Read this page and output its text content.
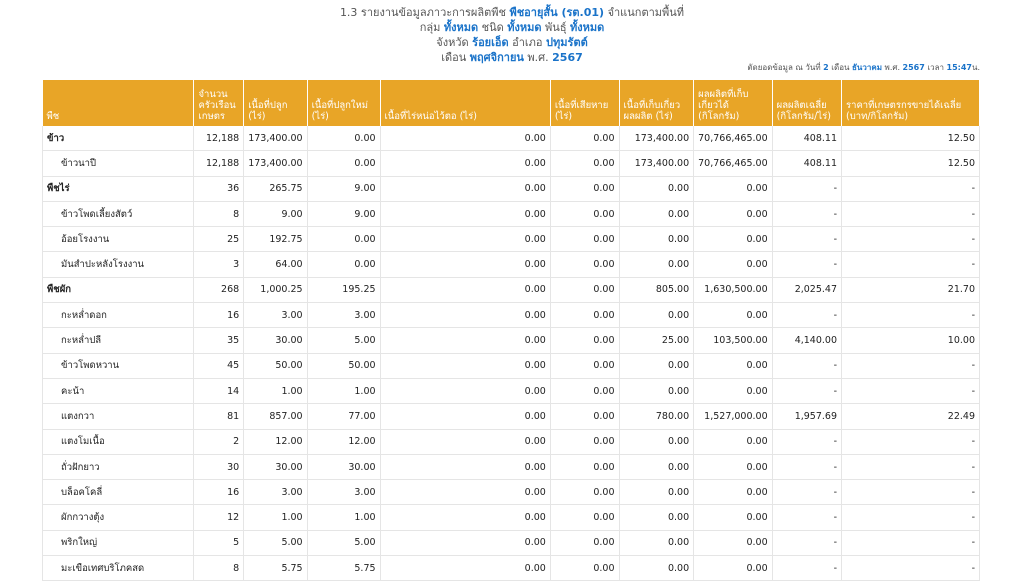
1.3 รายงานข้อมูลภาวะการผลิตพืช พืชอายุสั้น (รต.01) จำแนกตามพื้นที่
กลุ่ม ทั้งหมด ชนิด ทั้งหมด พันธุ์ ทั้งหมด
จังหวัด ร้อยเอ็ด อำเภอ ปทุมรัตต์
เดือน พฤศจิกายน พ.ศ. 2567
ตัดยอดข้อมูล ณ วันที่ 2 เดือน ธันวาคม พ.ศ. 2567 เวลา 15:47น.
พืช	จำนวนครัวเรือนเกษตร	เนื้อที่ปลูก (ไร่)	เนื้อที่ปลูกใหม่ (ไร่)	เนื้อที่ไร่หน่อไว้ตอ (ไร่)	เนื้อที่เสียหาย (ไร่)	เนื้อที่เก็บเกี่ยวผลผลิต (ไร่)	ผลผลิตที่เก็บเกี่ยวได้ (กิโลกรัม)	ผลผลิตเฉลี่ย (กิโลกรัม/ไร่)	ราคาที่เกษตรกรขายได้เฉลี่ย (บาท/กิโลกรัม)
ข้าว	12,188	173,400.00	0.00	0.00	0.00	173,400.00	70,766,465.00	408.11	12.50
ข้าวนาปี	12,188	173,400.00	0.00	0.00	0.00	173,400.00	70,766,465.00	408.11	12.50
พืชไร่	36	265.75	9.00	0.00	0.00	0.00	0.00	-	-
ข้าวโพดเลี้ยงสัตว์	8	9.00	9.00	0.00	0.00	0.00	0.00	-	-
อ้อยโรงงาน	25	192.75	0.00	0.00	0.00	0.00	0.00	-	-
มันสำปะหลังโรงงาน	3	64.00	0.00	0.00	0.00	0.00	0.00	-	-
พืชผัก	268	1,000.25	195.25	0.00	0.00	805.00	1,630,500.00	2,025.47	21.70
กะหล่ำดอก	16	3.00	3.00	0.00	0.00	0.00	0.00	-	-
กะหล่ำปลี	35	30.00	5.00	0.00	0.00	25.00	103,500.00	4,140.00	10.00
ข้าวโพดหวาน	45	50.00	50.00	0.00	0.00	0.00	0.00	-	-
คะน้า	14	1.00	1.00	0.00	0.00	0.00	0.00	-	-
แตงกวา	81	857.00	77.00	0.00	0.00	780.00	1,527,000.00	1,957.69	22.49
แตงโมเนื้อ	2	12.00	12.00	0.00	0.00	0.00	0.00	-	-
ถั่วฝักยาว	30	30.00	30.00	0.00	0.00	0.00	0.00	-	-
บล็อคโคลี่	16	3.00	3.00	0.00	0.00	0.00	0.00	-	-
ผักกวางตุ้ง	12	1.00	1.00	0.00	0.00	0.00	0.00	-	-
พริกใหญ่	5	5.00	5.00	0.00	0.00	0.00	0.00	-	-
มะเขือเทศบริโภคสด	8	5.75	5.75	0.00	0.00	0.00	0.00	-	-
